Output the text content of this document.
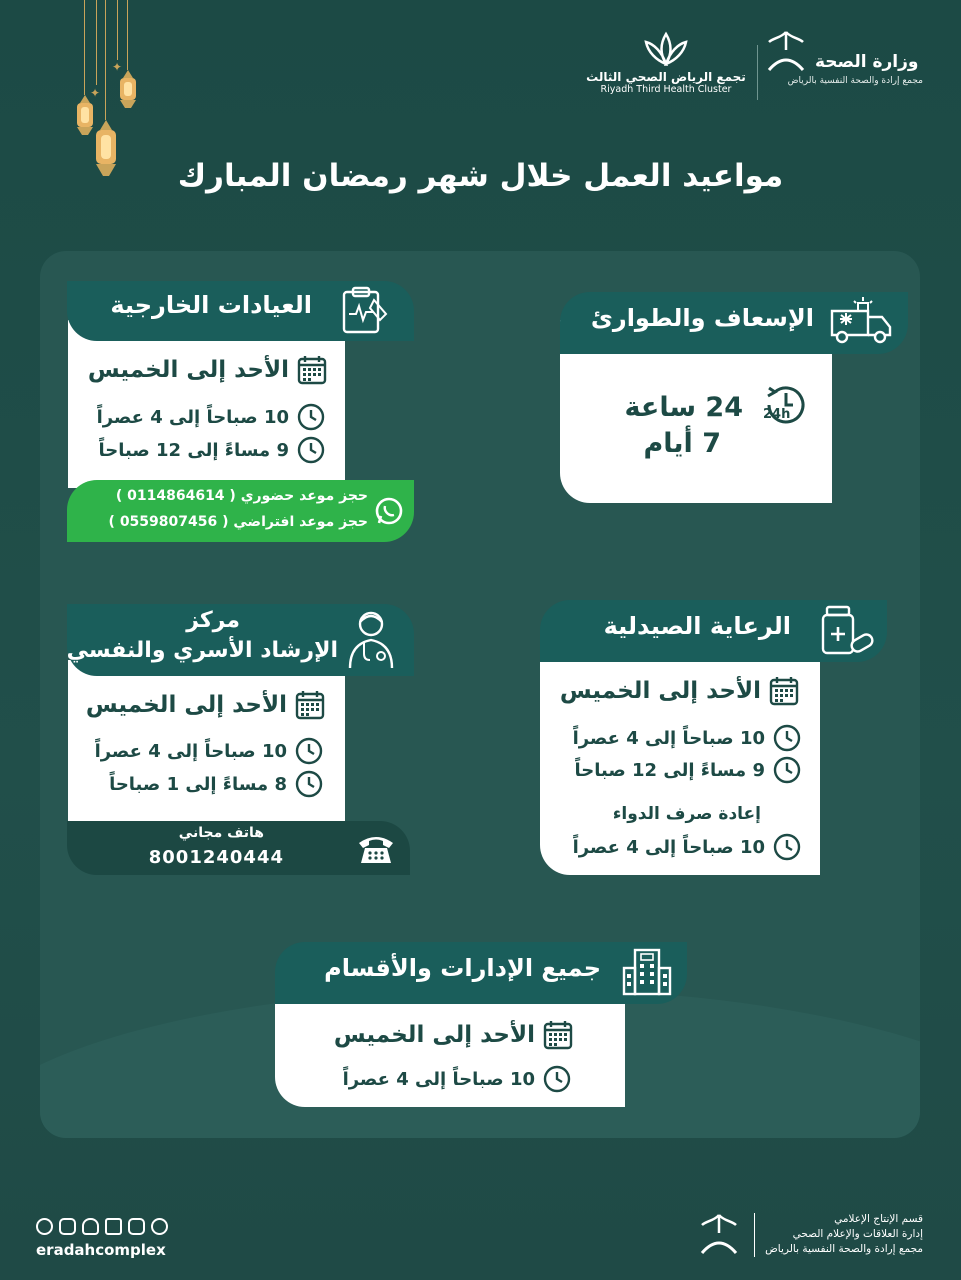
✦
✦	وزارة الصحة
مجمع إرادة والصحة النفسية بالرياض
تجمع الرياض الصحي الثالث
Riyadh Third Health Cluster
مواعيد العمل خلال شهر رمضان المبارك
العيادات الخارجية
الأحد إلى الخميس
10 صباحاً إلى 4 عصراً
9 مساءً إلى 12 صباحاً
حجز موعد حضوري ( 0114864614 )
حجز موعد افتراضي ( 0559807456 )
الإسعاف والطوارئ
24h
24 ساعة
7 أيام
مركز
الإرشاد الأسري والنفسي
الأحد إلى الخميس
10 صباحاً إلى 4 عصراً
8 مساءً إلى 1 صباحاً
هاتف مجاني
8001240444
الرعاية الصيدلية
الأحد إلى الخميس
10 صباحاً إلى 4 عصراً
9 مساءً إلى 12 صباحاً
إعادة صرف الدواء
10 صباحاً إلى 4 عصراً
جميع الإدارات والأقسام
الأحد إلى الخميس
10 صباحاً إلى 4 عصراً
eradahcomplex
قسم الإنتاج الإعلامي
إدارة العلاقات والإعلام الصحي
مجمع إرادة والصحة النفسية بالرياض
